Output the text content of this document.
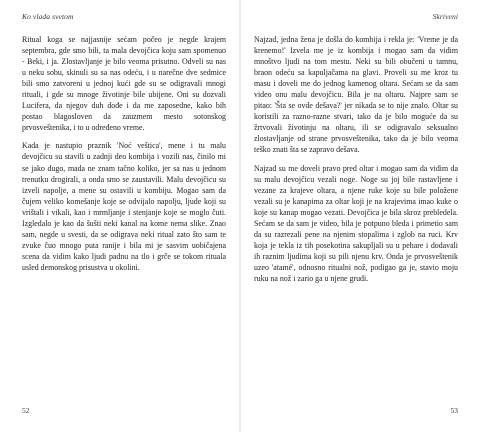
Ko vlada svetom

Ritual koga se najjasnije sećam počeo je negde krajem septembra, gde smo bili, ta mala devojčica koju sam spomenuo - Beki, i ja. Zlostavljanje je bilo veoma prisutno. Odveli su nas u neku sobu, skinuli su sa nas odeću, i u narečne dve sedmice bili smo zatvoreni u jednoj kući gde su se odigravali mnogi rituali, i gde su mnoge životinje bile ubijene. Oni su dozvali Lucifera, da njegov duh dođe i da me zaposedne, kako bih postao blagosloven da zauzmem mesto sotonskog prvosveštenika, i to u određeno vreme.

Kada je nastupio praznik 'Noć veštica', mene i tu malu devojčicu su stavili u zadnji deo kombija i vozili nas, činilo mi se jako dugo, mada ne znam tačno koliko, jer sa nas u jednom trenutku drogirali, a onda smo se zaustavili. Malu devojčicu su izveli napolje, a mene su ostavili u kombiju. Mogao sam da čujem veliko komešanje koje se odvijalo napolju, ljude koji su vrištali i vikali, kao i mrmljanje i stenjanje koje se moglo čuti. Izgledalo je kao da šušti neki kanal na kome nema slike. Znao sam, negde u svesti, da se odigrava neki ritual zato što sam te zvuke čuo mnogo puta ranije i bila mi je sasvim uobičajena scena da vidim kako ljudi padnu na tlo i grče se tokom rituala usled demonskog prisustva u okolini.

52
Skriveni

Najzad, jedna žena je došla do kombija i rekla je: 'Vreme je da krenemo!' Izvela me je iz kombija i mogao sam da vidim mnoštvo ljudi na tom mestu. Neki su bili obučeni u tamnu, braon odeću sa kapuljačama na glavi. Proveli su me kroz tu masu i doveli me do jednog kamenog oltara. Sećam se da sam video onu malu devojčicu. Bila je na oltaru. Najpre sam se pitao: 'Šta se ovde dešava?' jer nikada se to nije znalo. Oltar su koristili za razno-razne stvari, tako da je bilo moguće da su žrtvovali životinju na oltaru, ili se odigravalo seksualno zlostavljanje od strane prvosveštenika, tako da je bilo veoma teško znati šta se zapravo dešava.

Najzad su me doveli pravo pred oltar i mogao sam da vidim da su malu devojčicu vezali noge. Noge su joj bile rastavljene i vezane za krajeve oltara, a njene ruke koje su bile položene vezali su je kanapima za oltar koji je na krajevima imao kuke o koje su kanap mogao vezati. Devojčica je bila skroz prebledela. Sećam se da sam je video, bila je potpuno bleda i primetio sam da su razrezali pene na njenim stopalima i zglob na ruci. Krv koja je tekla iz tih posekotina sakupljali su u pehare i dodavali ih raznim ljudima koji su pili njenu krv. Onda je prvosveštenik uzeo 'atamé', odnosno ritualni nož, podigao ga je, stavio moju ruku na nož i zario ga u njene grudi.

53
